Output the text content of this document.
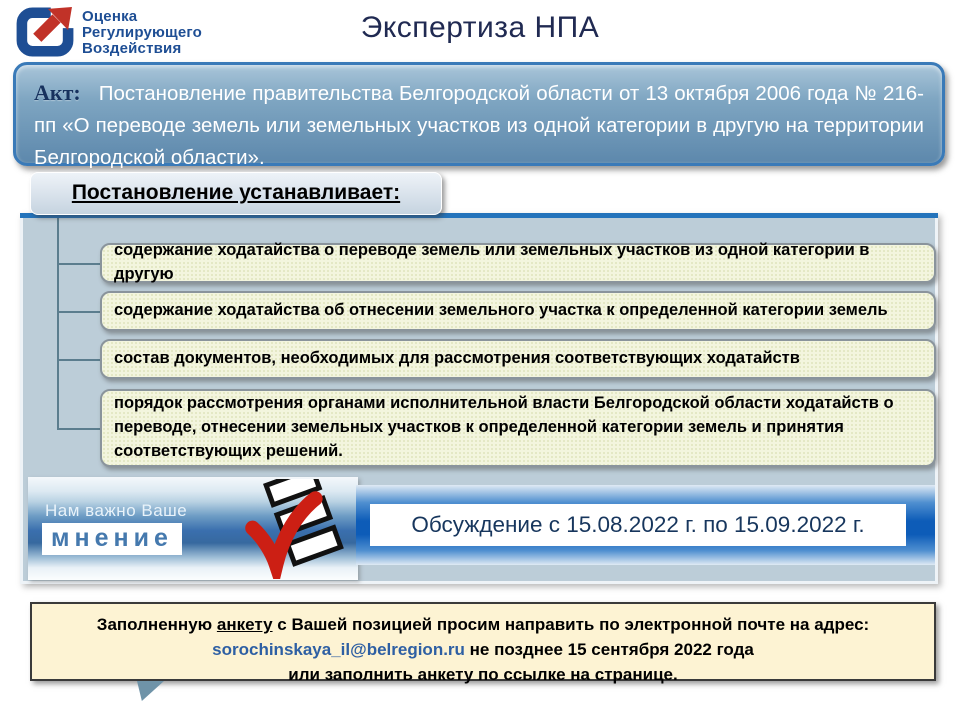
Оценка
Регулирующего
Воздействия
Экспертиза НПА
Акт: Постановление правительства Белгородской области от 13 октября 2006 года № 216-пп «О переводе земель или земельных участков из одной категории в другую на территории Белгородской области».
содержание ходатайства о переводе земель или земельных участков из одной категории в другую
содержание ходатайства об отнесении земельного участка к определенной категории земель
состав документов, необходимых для рассмотрения соответствующих ходатайств
порядок рассмотрения органами исполнительной власти Белгородской области ходатайств о переводе, отнесении земельных участков к определенной категории земель и принятия соответствующих решений.
Нам важно Ваше
мнение	Обсуждение с 15.08.2022 г. по 15.09.2022 г.
Постановление устанавливает:
Заполненную анкету с Вашей позицией просим направить по электронной почте на адрес:
sorochinskaya_il@belregion.ru не позднее 15 сентября 2022 года
или заполнить анкету по ссылке на странице.
